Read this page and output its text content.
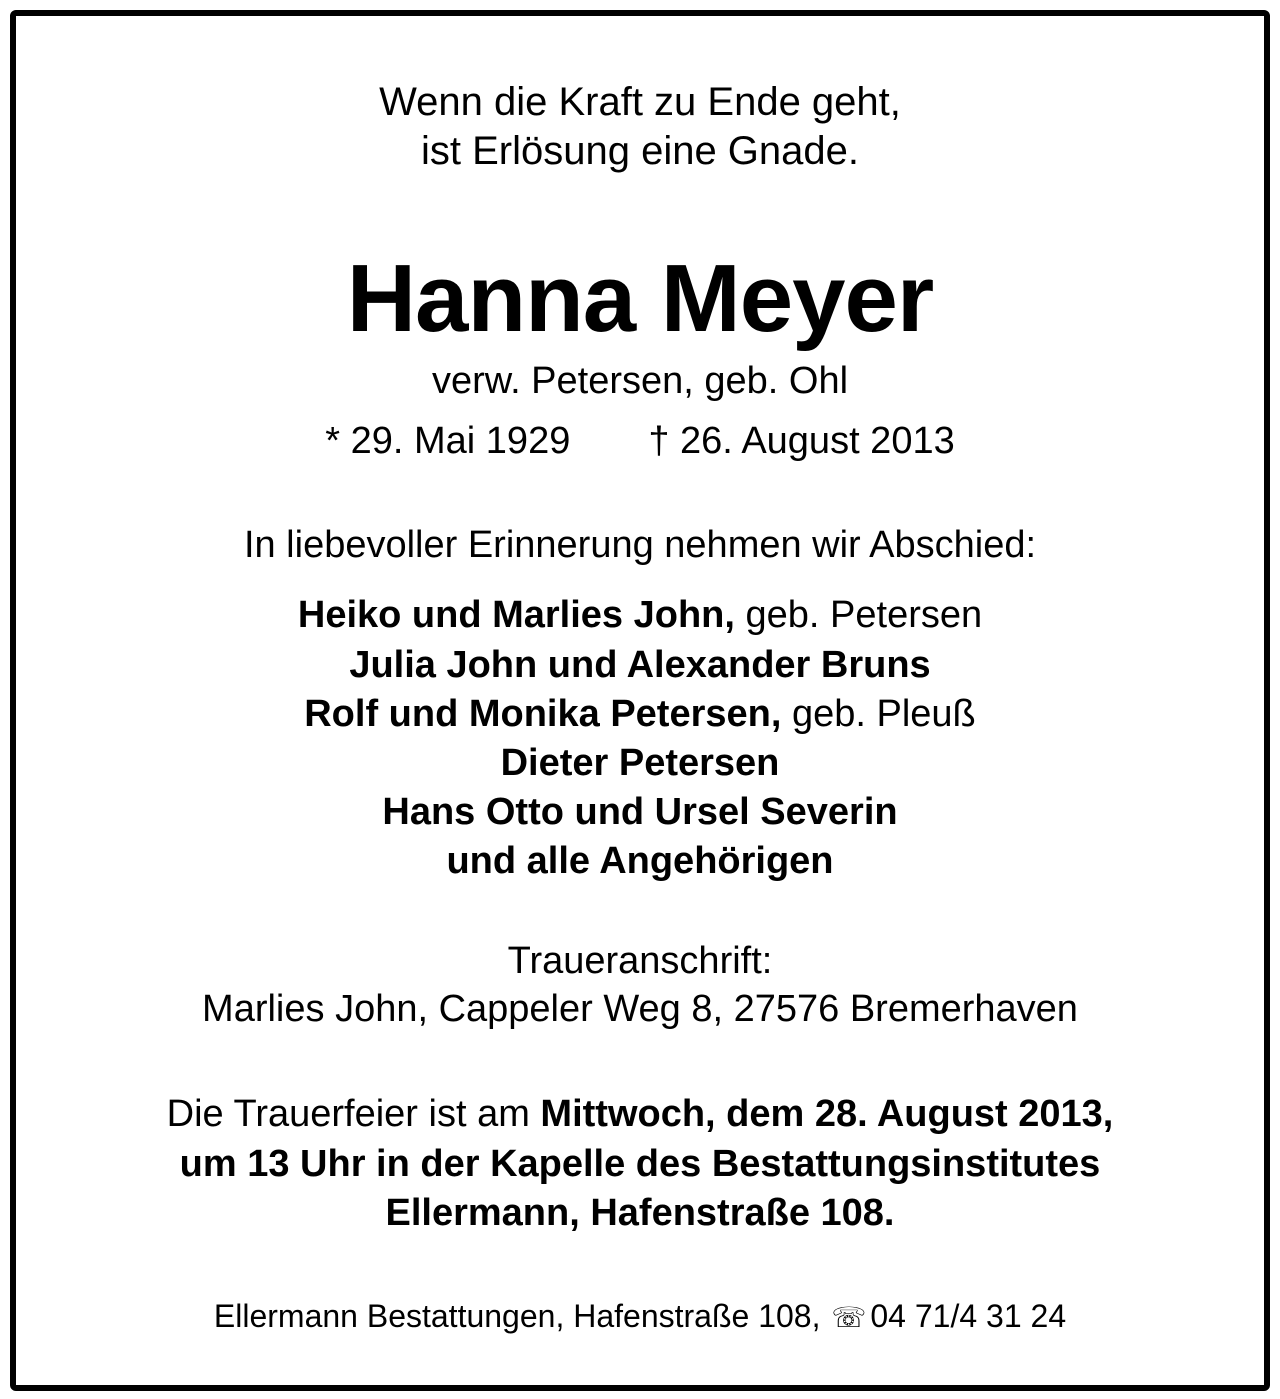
Wenn die Kraft zu Ende geht,
ist Erlösung eine Gnade.
Hanna Meyer
verw. Petersen, geb. Ohl
* 29. Mai 1929 † 26. August 2013
In liebevoller Erinnerung nehmen wir Abschied:
Heiko und Marlies John, geb. Petersen
Julia John und Alexander Bruns
Rolf und Monika Petersen, geb. Pleuß
Dieter Petersen
Hans Otto und Ursel Severin
und alle Angehörigen
Traueranschrift:
Marlies John, Cappeler Weg 8, 27576 Bremerhaven
Die Trauerfeier ist am Mittwoch, dem 28. August 2013,
um 13 Uhr in der Kapelle des Bestattungsinstitutes
Ellermann, Hafenstraße 108.
Ellermann Bestattungen, Hafenstraße 108, ☏ 04 71/4 31 24
